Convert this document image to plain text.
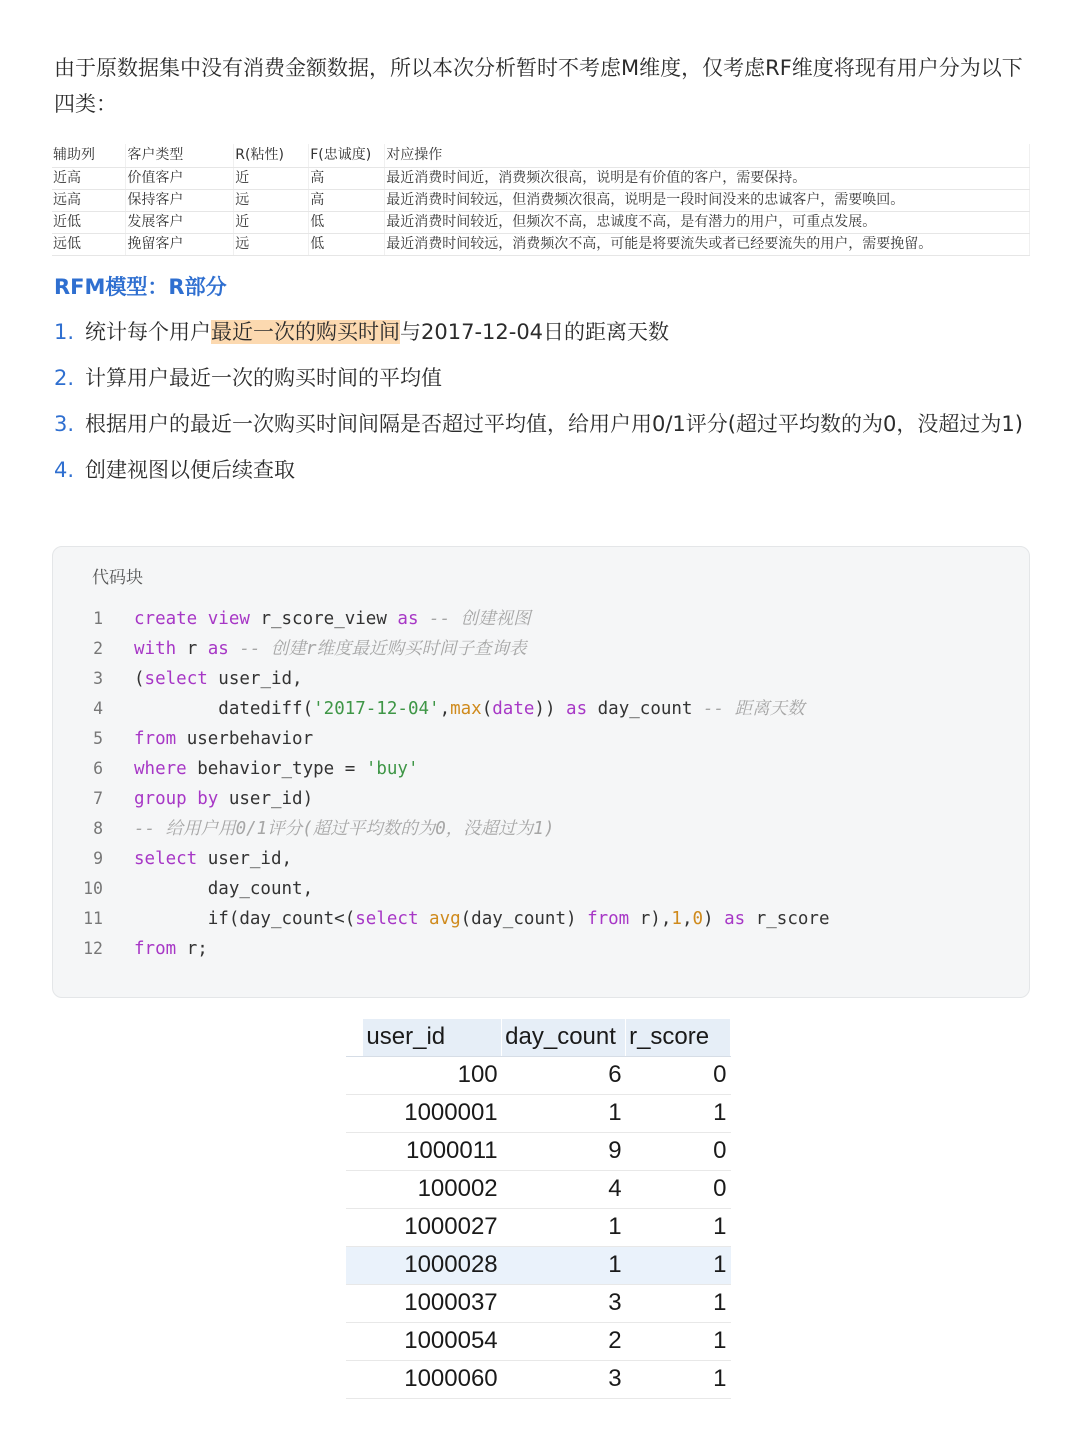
由于原数据集中没有消费金额数据，所以本次分析暂时不考虑M维度，仅考虑RF维度将现有用户分为以下四类：

辅助列	客户类型	R(粘性)	F(忠诚度)	对应操作
近高	价值客户	近	高	最近消费时间近，消费频次很高，说明是有价值的客户，需要保持。
远高	保持客户	远	高	最近消费时间较远，但消费频次很高，说明是一段时间没来的忠诚客户，需要唤回。
近低	发展客户	近	低	最近消费时间较近，但频次不高，忠诚度不高，是有潜力的用户，可重点发展。
远低	挽留客户	远	低	最近消费时间较远，消费频次不高，可能是将要流失或者已经要流失的用户，需要挽留。
RFM模型：R部分
1. 统计每个用户最近一次的购买时间与2017-12-04日的距离天数
2. 计算用户最近一次的购买时间的平均值
3. 根据用户的最近一次购买时间间隔是否超过平均值，给用户用0/1评分(超过平均数的为0，没超过为1)
4. 创建视图以便后续查取
代码块
1	create view r_score_view as -- 创建视图
2	with r as -- 创建r维度最近购买时间子查询表
3	(select user_id,
4	datediff('2017-12-04',max(date)) as day_count -- 距离天数
5	from userbehavior
6	where behavior_type = 'buy'
7	group by user_id)
8	-- 给用户用0/1评分(超过平均数的为0，没超过为1)
9	select user_id,
10	day_count,
11	if(day_count<(select avg(day_count) from r),1,0) as r_score
12	from r;
	user_id	day_count	r_score
	100	6	0
	1000001	1	1
	1000011	9	0
	100002	4	0
	1000027	1	1
	1000028	1	1
	1000037	3	1
	1000054	2	1
	1000060	3	1
